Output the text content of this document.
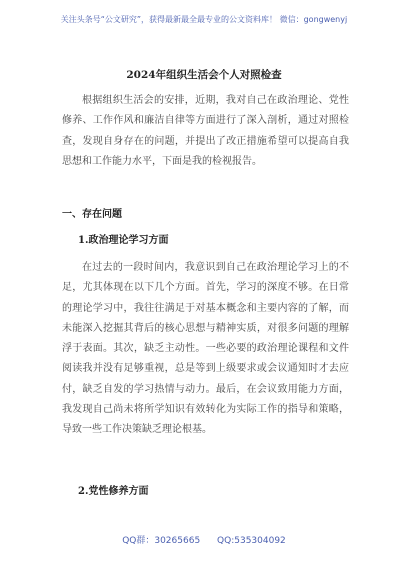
关注头条号“公文研究”，获得最新最全最专业的公文资料库！ 微信：gongwenyj
2024年组织生活会个人对照检查
根据组织生活会的安排，近期，我对自己在政治理论、党性修养、工作作风和廉洁自律等方面进行了深入剖析，通过对照检查，发现自身存在的问题，并提出了改正措施希望可以提高自我思想和工作能力水平，下面是我的检视报告。
一、存在问题
1.政治理论学习方面
在过去的一段时间内，我意识到自己在政治理论学习上的不足，尤其体现在以下几个方面。首先，学习的深度不够。在日常的理论学习中，我往往满足于对基本概念和主要内容的了解，而未能深入挖掘其背后的核心思想与精神实质，对很多问题的理解浮于表面。其次，缺乏主动性。一些必要的政治理论课程和文件阅读我并没有足够重视，总是等到上级要求或会议通知时才去应付，缺乏自发的学习热情与动力。最后，在会议致用能力方面，我发现自己尚未将所学知识有效转化为实际工作的指导和策略，导致一些工作决策缺乏理论根基。
2.党性修养方面
QQ群：30265665 QQ:535304092
